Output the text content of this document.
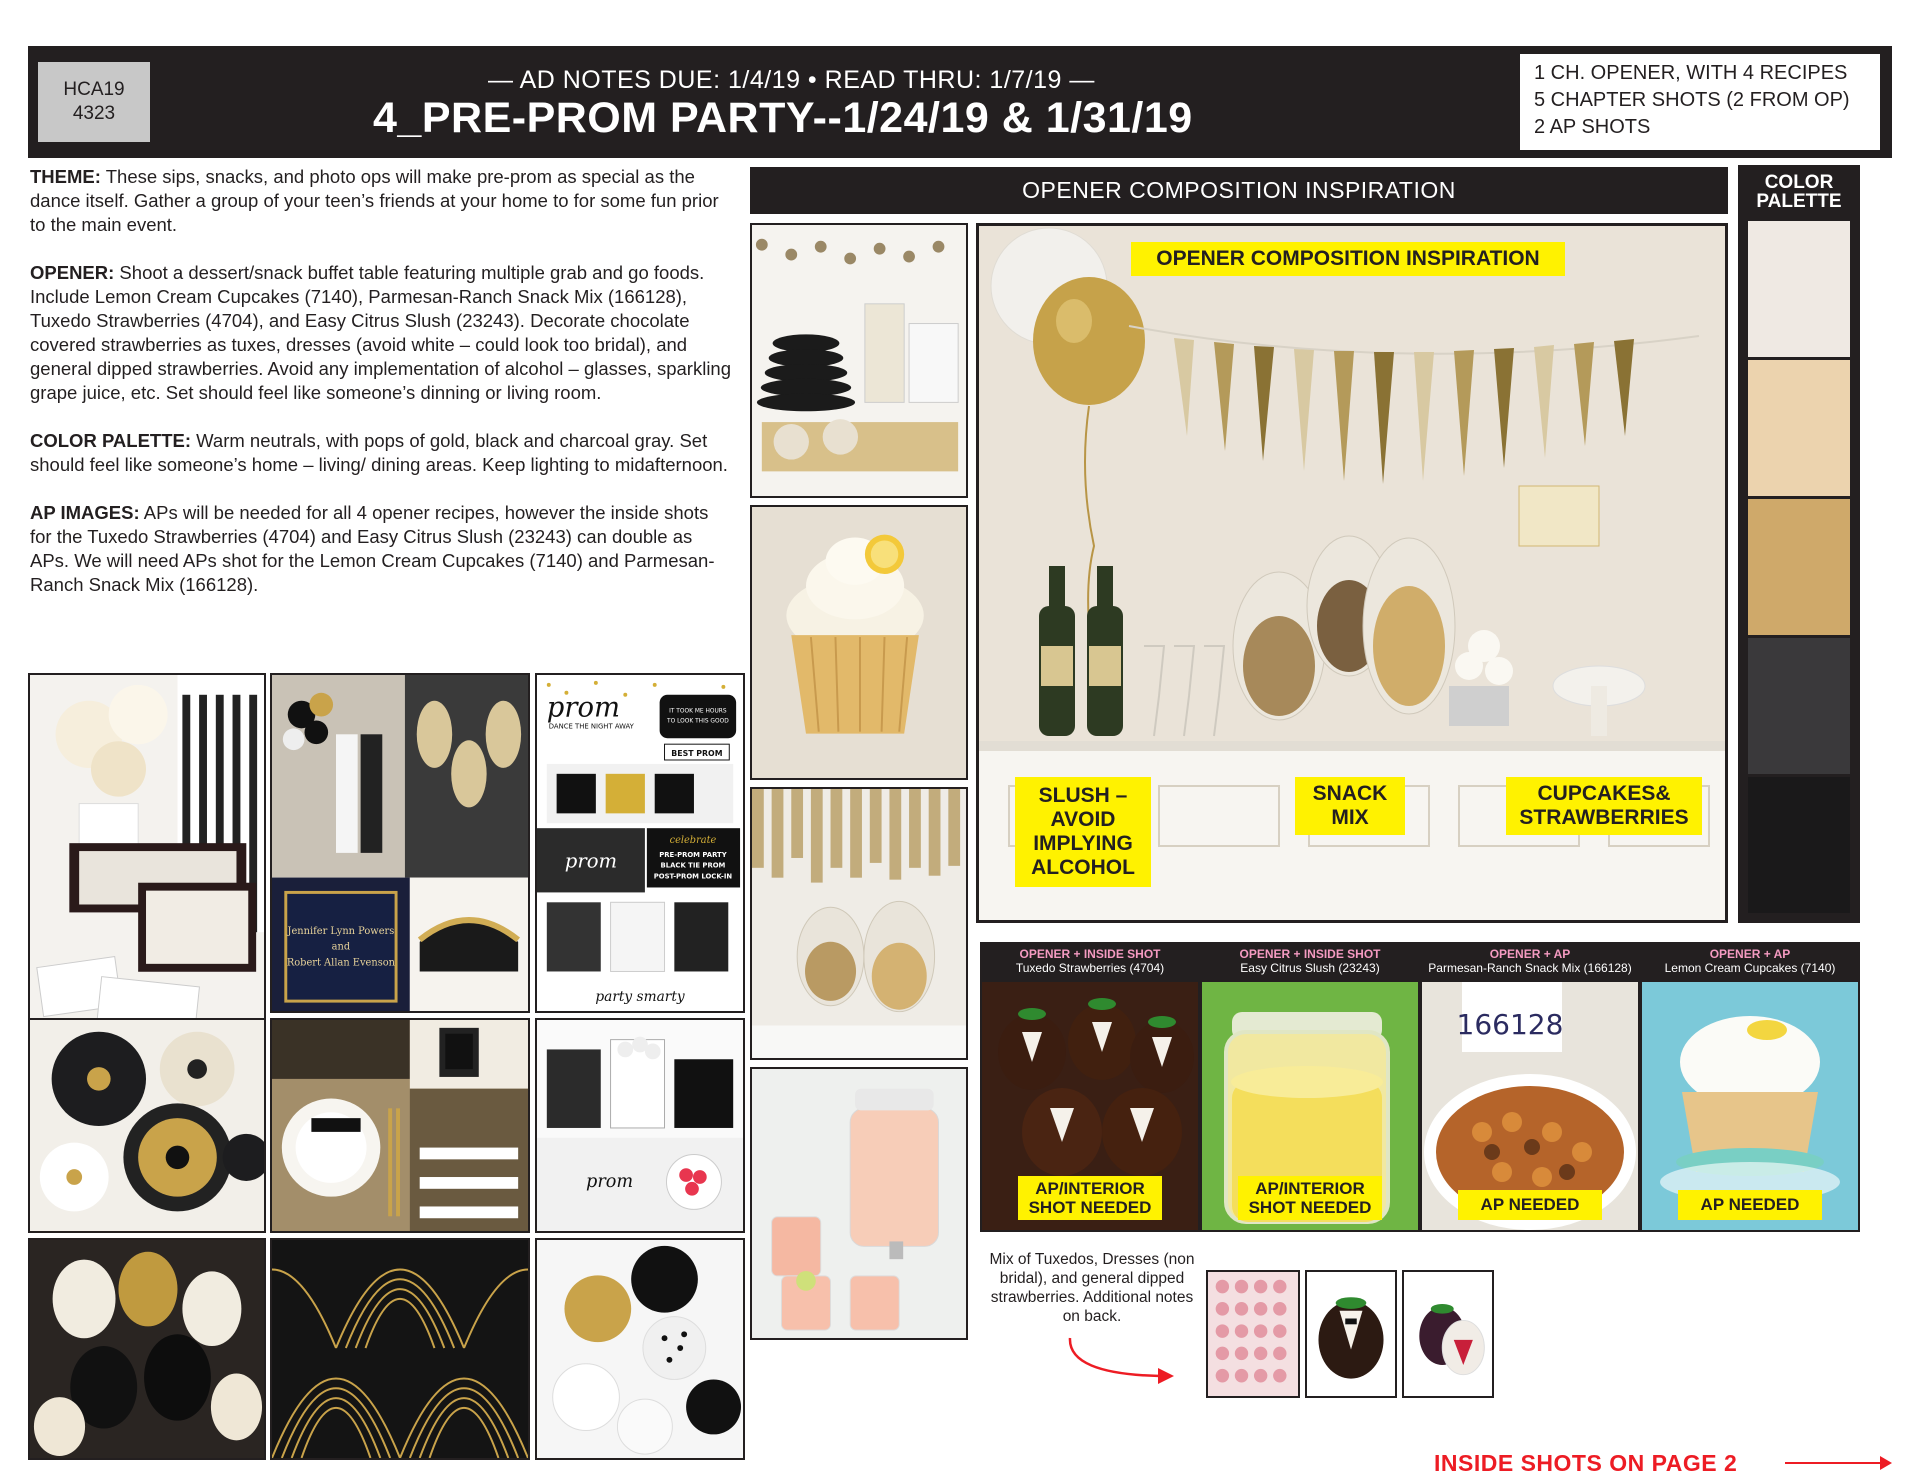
HCA19
4323
— AD NOTES DUE: 1/4/19 • READ THRU: 1/7/19 —
4_PRE-PROM PARTY--1/24/19 & 1/31/19
1 CH. OPENER, WITH 4 RECIPES
5 CHAPTER SHOTS (2 FROM OP)
2 AP SHOTS

THEME: These sips, snacks, and photo ops will make pre-prom as special as the dance itself. Gather a group of your teen’s friends at your home to for some fun prior to the main event.

OPENER: Shoot a dessert/snack buffet table featuring multiple grab and go foods. Include Lemon Cream Cupcakes (7140), Parmesan-Ranch Snack Mix (166128), Tuxedo Strawberries (4704), and Easy Citrus Slush (23243). Decorate chocolate covered strawberries as tuxes, dresses (avoid white – could look too bridal), and general dipped strawberries. Avoid any implementation of alcohol – glasses, sparkling grape juice, etc. Set should feel like someone’s dinning or living room.

COLOR PALETTE: Warm neutrals, with pops of gold, black and charcoal gray. Set should feel like someone’s home – living/ dining areas. Keep lighting to midafternoon.

AP IMAGES: APs will be needed for all 4 opener recipes, however the inside shots for the Tuxedo Strawberries (4704) and Easy Citrus Slush (23243) can double as APs. We will need APs shot for the Lemon Cream Cupcakes (7140) and Parmesan-Ranch Snack Mix (166128).

Jennifer Lynn Powers
and
Robert Allan Evenson
prom
DANCE THE NIGHT AWAY
IT TOOK ME HOURS
TO LOOK THIS GOOD
BEST PROM
prom
celebrate
PRE-PROM PARTY
BLACK TIE PROM
POST-PROM LOCK-IN
party smarty
prom
OPENER COMPOSITION INSPIRATION
OPENER COMPOSITION INSPIRATION
SLUSH – AVOID IMPLYING ALCOHOL
SNACK MIX
CUPCAKES& STRAWBERRIES
COLOR PALETTE
OPENER + INSIDE SHOT
Tuxedo Strawberries (4704)
AP/INTERIOR SHOT NEEDED
OPENER + INSIDE SHOT
Easy Citrus Slush (23243)
AP/INTERIOR SHOT NEEDED
OPENER + AP
Parmesan-Ranch Snack Mix (166128)
166128
AP NEEDED
OPENER + AP
Lemon Cream Cupcakes (7140)
AP NEEDED
Mix of Tuxedos, Dresses (non bridal), and general dipped strawberries. Additional notes on back.
INSIDE SHOTS ON PAGE 2
